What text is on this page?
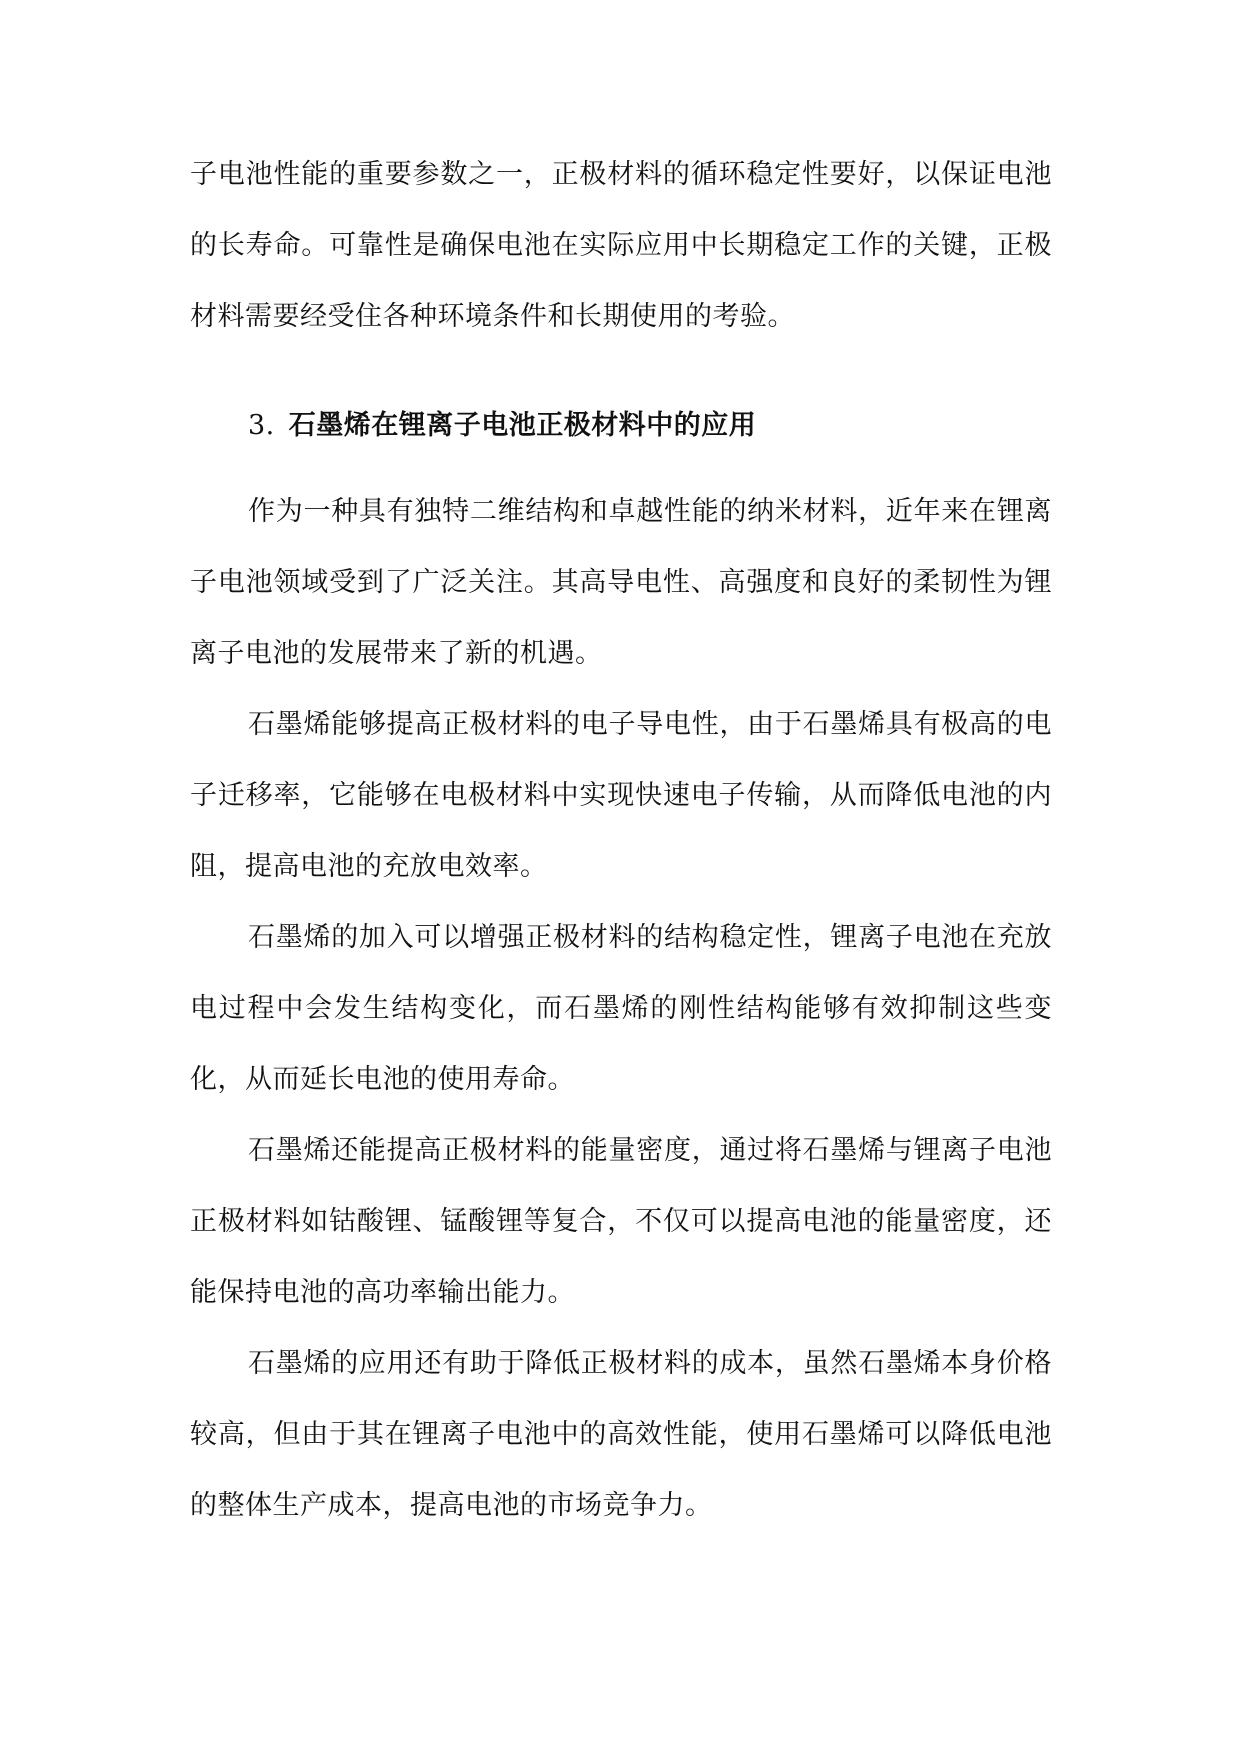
子电池性能的重要参数之一，正极材料的循环稳定性要好，以保证电池的长寿命。可靠性是确保电池在实际应用中长期稳定工作的关键，正极材料需要经受住各种环境条件和长期使用的考验。

3. 石墨烯在锂离子电池正极材料中的应用

作为一种具有独特二维结构和卓越性能的纳米材料，近年来在锂离子电池领域受到了广泛关注。其高导电性、高强度和良好的柔韧性为锂离子电池的发展带来了新的机遇。

石墨烯能够提高正极材料的电子导电性，由于石墨烯具有极高的电子迁移率，它能够在电极材料中实现快速电子传输，从而降低电池的内阻，提高电池的充放电效率。

石墨烯的加入可以增强正极材料的结构稳定性，锂离子电池在充放电过程中会发生结构变化，而石墨烯的刚性结构能够有效抑制这些变化，从而延长电池的使用寿命。

石墨烯还能提高正极材料的能量密度，通过将石墨烯与锂离子电池正极材料如钴酸锂、锰酸锂等复合，不仅可以提高电池的能量密度，还能保持电池的高功率输出能力。

石墨烯的应用还有助于降低正极材料的成本，虽然石墨烯本身价格较高，但由于其在锂离子电池中的高效性能，使用石墨烯可以降低电池的整体生产成本，提高电池的市场竞争力。
